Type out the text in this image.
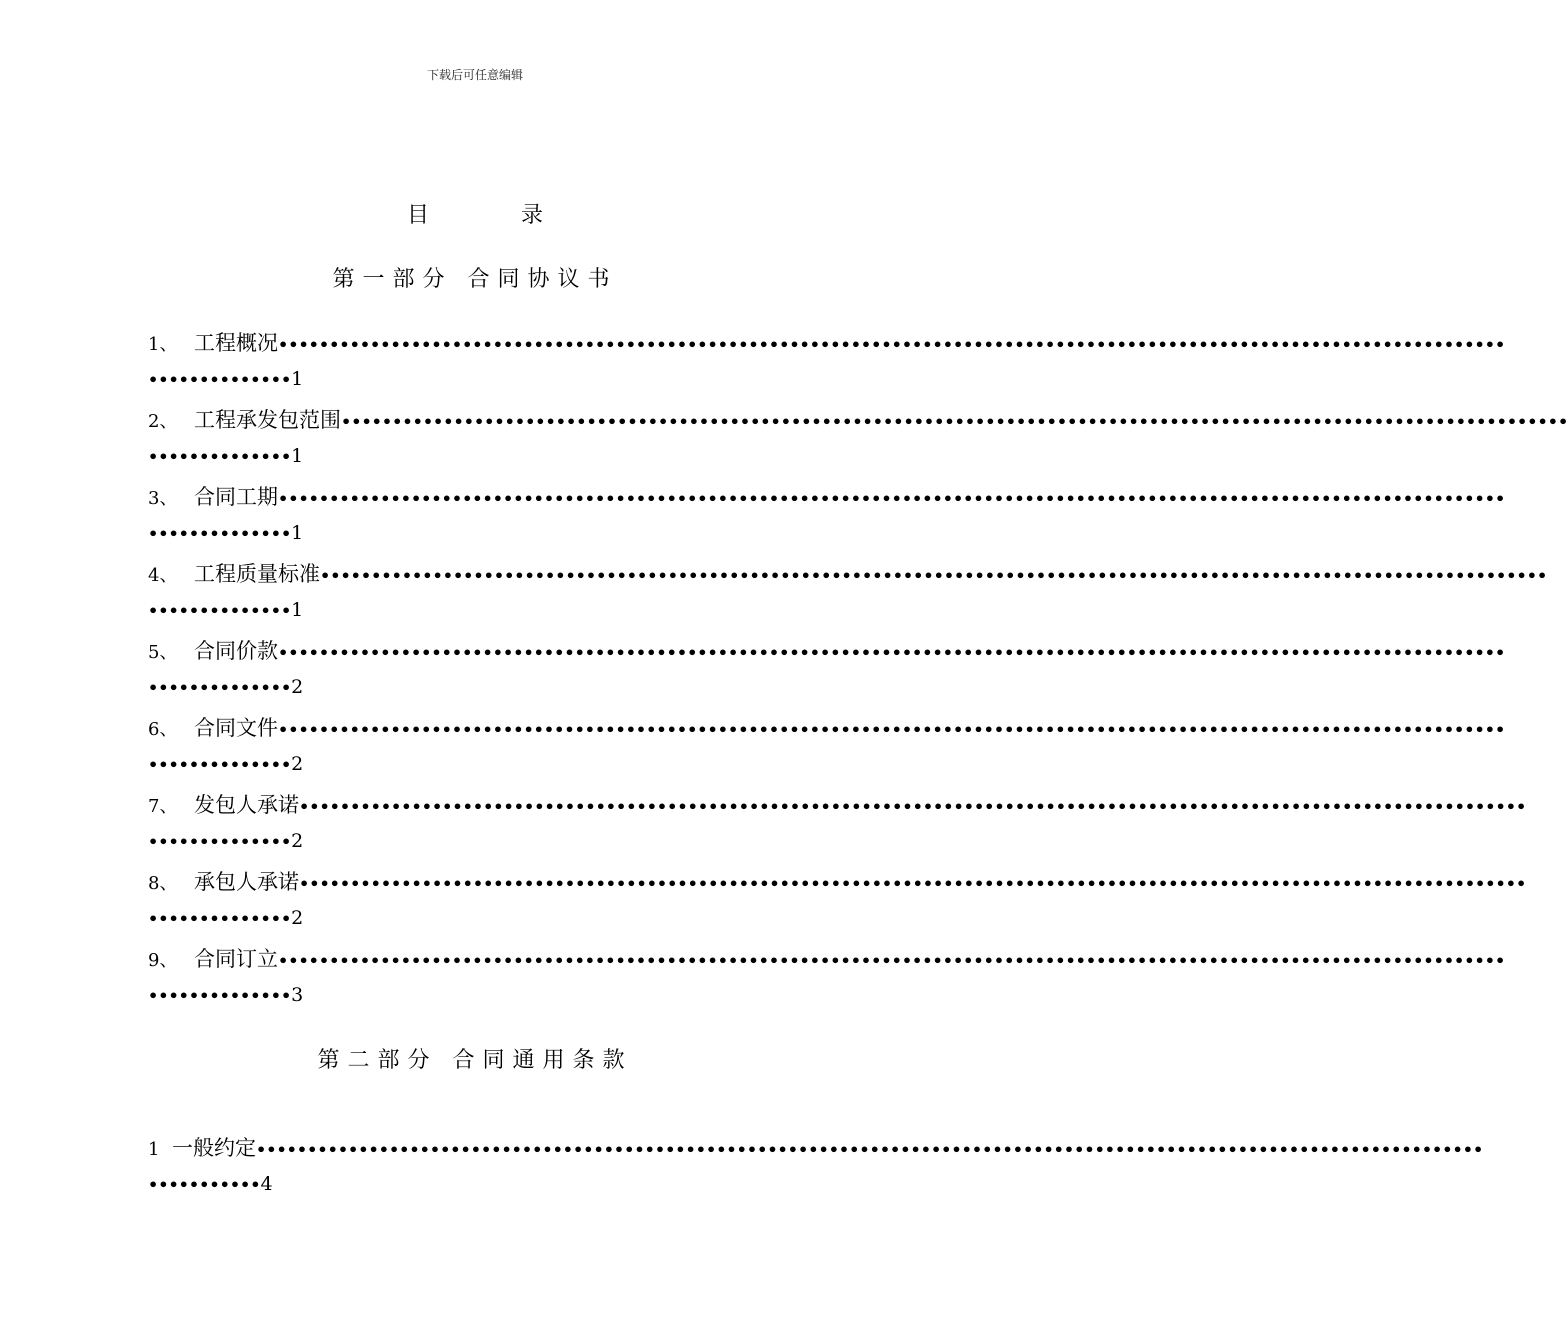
下载后可任意编辑
目	录
第一部分 合同协议书
1、 工程概况••••••••••••••••••••••••••••••••••••••••••••••••••••••••••••••••••••••••••••••••••••••••••••••••••••••••••••••••••••••••
••••••••••••••1
2、 工程承发包范围••••••••••••••••••••••••••••••••••••••••••••••••••••••••••••••••••••••••••••••••••••••••••••••••••••••••••••••••••••••••
••••••••••••••1
3、 合同工期••••••••••••••••••••••••••••••••••••••••••••••••••••••••••••••••••••••••••••••••••••••••••••••••••••••••••••••••••••••••
••••••••••••••1
4、 工程质量标准••••••••••••••••••••••••••••••••••••••••••••••••••••••••••••••••••••••••••••••••••••••••••••••••••••••••••••••••••••••••
••••••••••••••1
5、 合同价款••••••••••••••••••••••••••••••••••••••••••••••••••••••••••••••••••••••••••••••••••••••••••••••••••••••••••••••••••••••••
••••••••••••••2
6、 合同文件••••••••••••••••••••••••••••••••••••••••••••••••••••••••••••••••••••••••••••••••••••••••••••••••••••••••••••••••••••••••
••••••••••••••2
7、 发包人承诺••••••••••••••••••••••••••••••••••••••••••••••••••••••••••••••••••••••••••••••••••••••••••••••••••••••••••••••••••••••••
••••••••••••••2
8、 承包人承诺••••••••••••••••••••••••••••••••••••••••••••••••••••••••••••••••••••••••••••••••••••••••••••••••••••••••••••••••••••••••
••••••••••••••2
9、 合同订立••••••••••••••••••••••••••••••••••••••••••••••••••••••••••••••••••••••••••••••••••••••••••••••••••••••••••••••••••••••••
••••••••••••••3
第二部分 合同通用条款
1 一般约定••••••••••••••••••••••••••••••••••••••••••••••••••••••••••••••••••••••••••••••••••••••••••••••••••••••••••••••••••••••••
•••••••••••4
